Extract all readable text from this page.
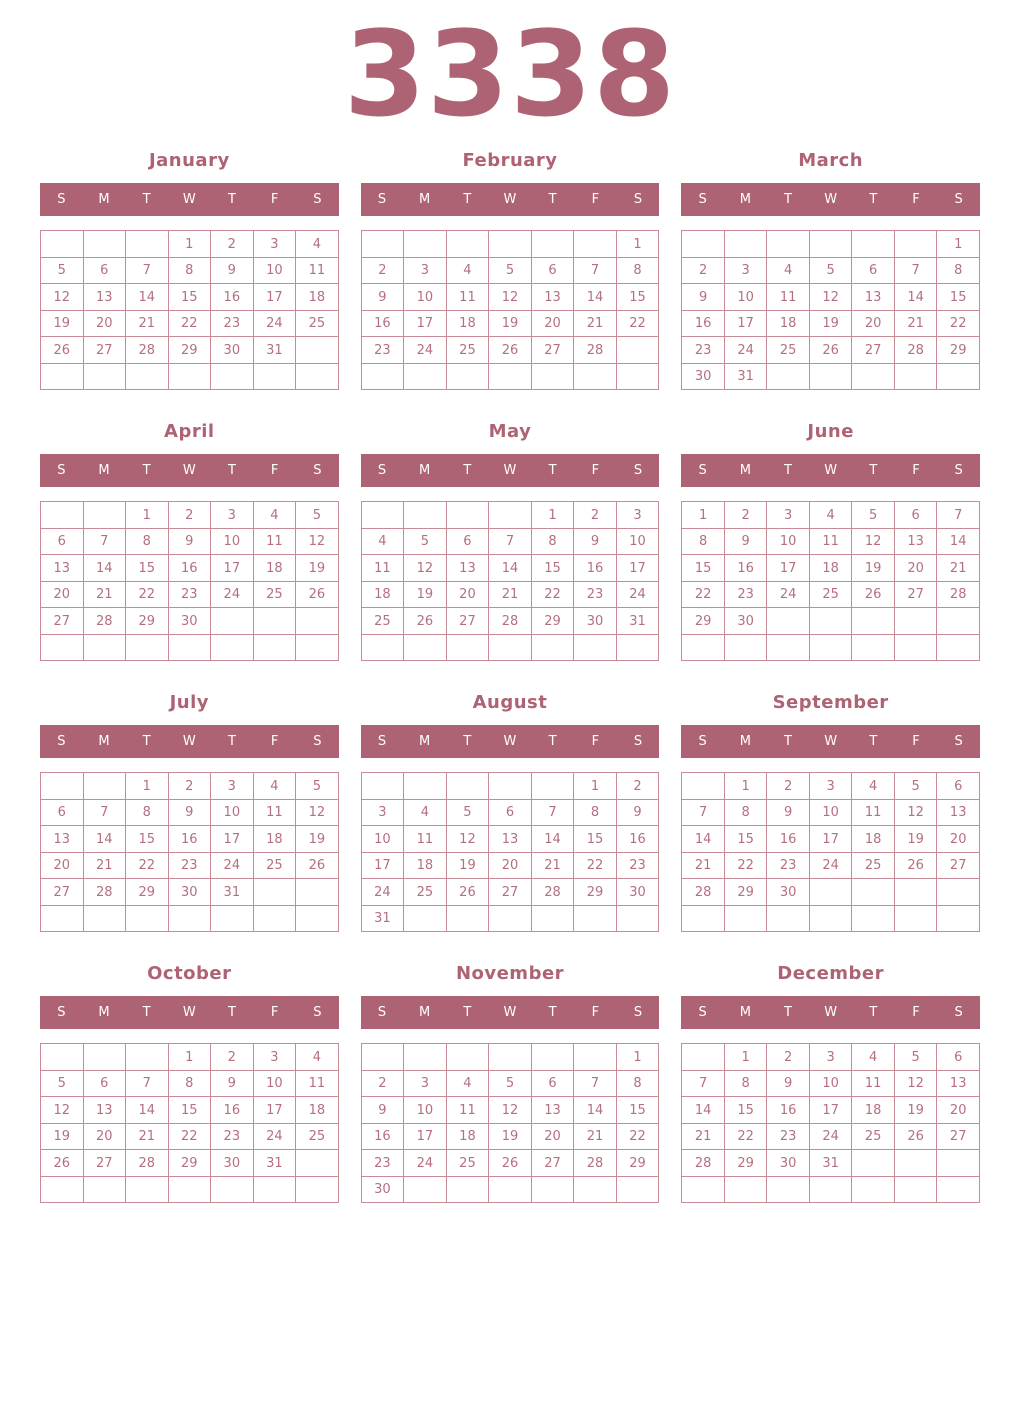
3338
January
S	M	T	W	T	F	S
			1	2	3	4
5	6	7	8	9	10	11
12	13	14	15	16	17	18
19	20	21	22	23	24	25
26	27	28	29	30	31	

February
S	M	T	W	T	F	S
						1
2	3	4	5	6	7	8
9	10	11	12	13	14	15
16	17	18	19	20	21	22
23	24	25	26	27	28	

March
S	M	T	W	T	F	S
						1
2	3	4	5	6	7	8
9	10	11	12	13	14	15
16	17	18	19	20	21	22
23	24	25	26	27	28	29
30	31					
April
S	M	T	W	T	F	S
		1	2	3	4	5
6	7	8	9	10	11	12
13	14	15	16	17	18	19
20	21	22	23	24	25	26
27	28	29	30			

May
S	M	T	W	T	F	S
				1	2	3
4	5	6	7	8	9	10
11	12	13	14	15	16	17
18	19	20	21	22	23	24
25	26	27	28	29	30	31

June
S	M	T	W	T	F	S
1	2	3	4	5	6	7
8	9	10	11	12	13	14
15	16	17	18	19	20	21
22	23	24	25	26	27	28
29	30					

July
S	M	T	W	T	F	S
		1	2	3	4	5
6	7	8	9	10	11	12
13	14	15	16	17	18	19
20	21	22	23	24	25	26
27	28	29	30	31		

August
S	M	T	W	T	F	S
					1	2
3	4	5	6	7	8	9
10	11	12	13	14	15	16
17	18	19	20	21	22	23
24	25	26	27	28	29	30
31						
September
S	M	T	W	T	F	S
	1	2	3	4	5	6
7	8	9	10	11	12	13
14	15	16	17	18	19	20
21	22	23	24	25	26	27
28	29	30				

October
S	M	T	W	T	F	S
			1	2	3	4
5	6	7	8	9	10	11
12	13	14	15	16	17	18
19	20	21	22	23	24	25
26	27	28	29	30	31	

November
S	M	T	W	T	F	S
						1
2	3	4	5	6	7	8
9	10	11	12	13	14	15
16	17	18	19	20	21	22
23	24	25	26	27	28	29
30						
December
S	M	T	W	T	F	S
	1	2	3	4	5	6
7	8	9	10	11	12	13
14	15	16	17	18	19	20
21	22	23	24	25	26	27
28	29	30	31			
